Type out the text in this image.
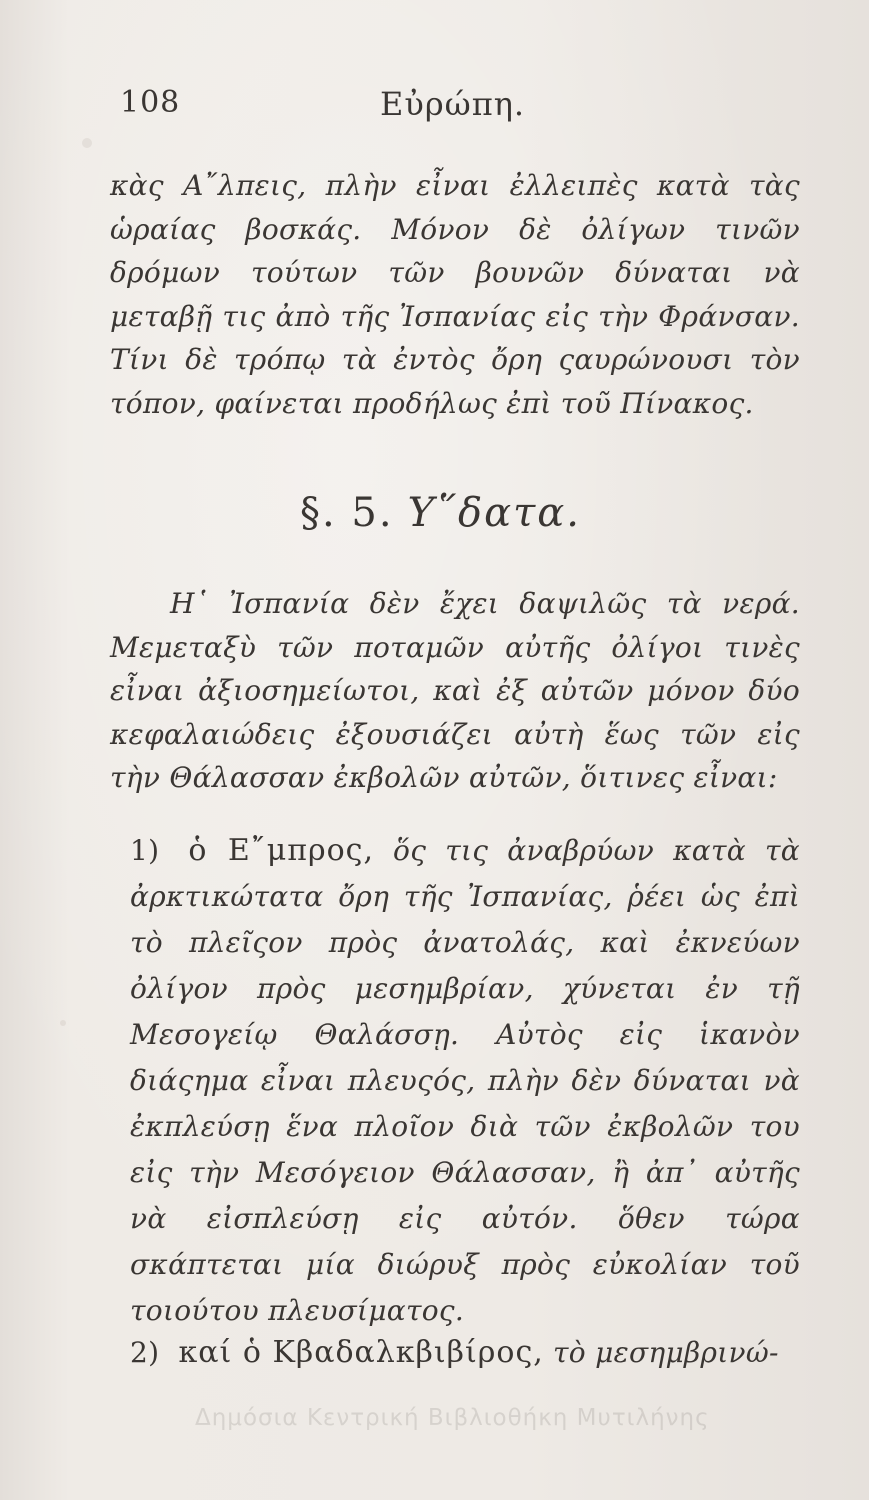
108	Εὐρώπη.
κὰς Α῎λπεις, πλὴν εἶναι ἐλλειπὲς κατὰ τὰς ὡραίας βοσκάς. Μόνον δὲ ὀλίγων τινῶν δρόμων τούτων τῶν βουνῶν δύναται νὰ μεταβῇ τις ἀπὸ τῆς Ἰσπανίας εἰς τὴν Φράνσαν. Τίνι δὲ τρόπῳ τὰ ἐντὸς ὄρη ςαυρώνουσι τὸν τόπον, φαίνεται προδήλως ἐπὶ τοῦ Πίνακος.
§. 5. Υ῞δατα.
Η῾ Ἰσπανία δὲν ἔχει δαψιλῶς τὰ νερά. Μεμεταξὺ τῶν ποταμῶν αὐτῆς ὀλίγοι τινὲς εἶναι ἀξιοσημείωτοι, καὶ ἐξ αὐτῶν μόνον δύο κεφαλαιώδεις ἐξουσιάζει αὐτὴ ἕως τῶν εἰς τὴν Θάλασσαν ἐκβολῶν αὐτῶν, ὅιτινες εἶναι:
1) ὁ Ε῎μπρος, ὅς τις ἀναβρύων κατὰ τὰ ἀρκτικώτατα ὄρη τῆς Ἰσπανίας, ῥέει ὡς ἐπὶ τὸ πλεῖςον πρὸς ἀνατολάς, καὶ ἐκνεύων ὀλίγον πρὸς μεσημβρίαν, χύνεται ἐν τῇ Μεσογείῳ Θαλάσσῃ. Αὐτὸς εἰς ἱκανὸν διάςημα εἶναι πλευςός, πλὴν δὲν δύναται νὰ ἐκπλεύσῃ ἕνα πλοῖον διὰ τῶν ἐκβολῶν του εἰς τὴν Μεσόγειον Θάλασσαν, ἢ ἀπ᾽ αὐτῆς νὰ εἰσπλεύσῃ εἰς αὐτόν. ὅθεν τώρα σκάπτεται μία διώρυξ πρὸς εὐκολίαν τοῦ τοιούτου πλευσίματος.
2) καί ὁ Κβαδαλκβιβίρος, τὸ μεσημβρινώ-
Δημόσια Κεντρική Βιβλιοθήκη Μυτιλήνης
